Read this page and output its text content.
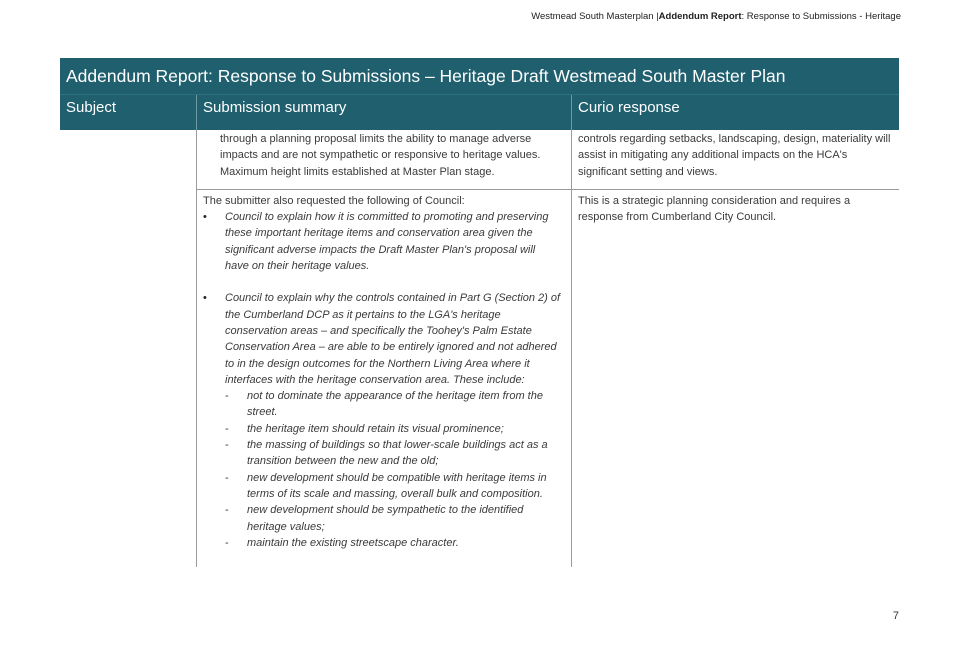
Westmead South Masterplan |Addendum Report: Response to Submissions - Heritage
Addendum Report: Response to Submissions – Heritage Draft Westmead South Master Plan
Subject	Submission summary	Curio response
through a planning proposal limits the ability to manage adverse impacts and are not sympathetic or responsive to heritage values. Maximum height limits established at Master Plan stage.
controls regarding setbacks, landscaping, design, materiality will assist in mitigating any additional impacts on the HCA's significant setting and views.
The submitter also requested the following of Council:
• Council to explain how it is committed to promoting and preserving these important heritage items and conservation area given the significant adverse impacts the Draft Master Plan's proposal will have on their heritage values.
• Council to explain why the controls contained in Part G (Section 2) of the Cumberland DCP as it pertains to the LGA's heritage conservation areas – and specifically the Toohey's Palm Estate Conservation Area – are able to be entirely ignored and not adhered to in the design outcomes for the Northern Living Area where it interfaces with the heritage conservation area. These include:
- not to dominate the appearance of the heritage item from the street.
- the heritage item should retain its visual prominence;
- the massing of buildings so that lower-scale buildings act as a transition between the new and the old;
- new development should be compatible with heritage items in terms of its scale and massing, overall bulk and composition.
- new development should be sympathetic to the identified heritage values;
- maintain the existing streetscape character.
This is a strategic planning consideration and requires a response from Cumberland City Council.
7
